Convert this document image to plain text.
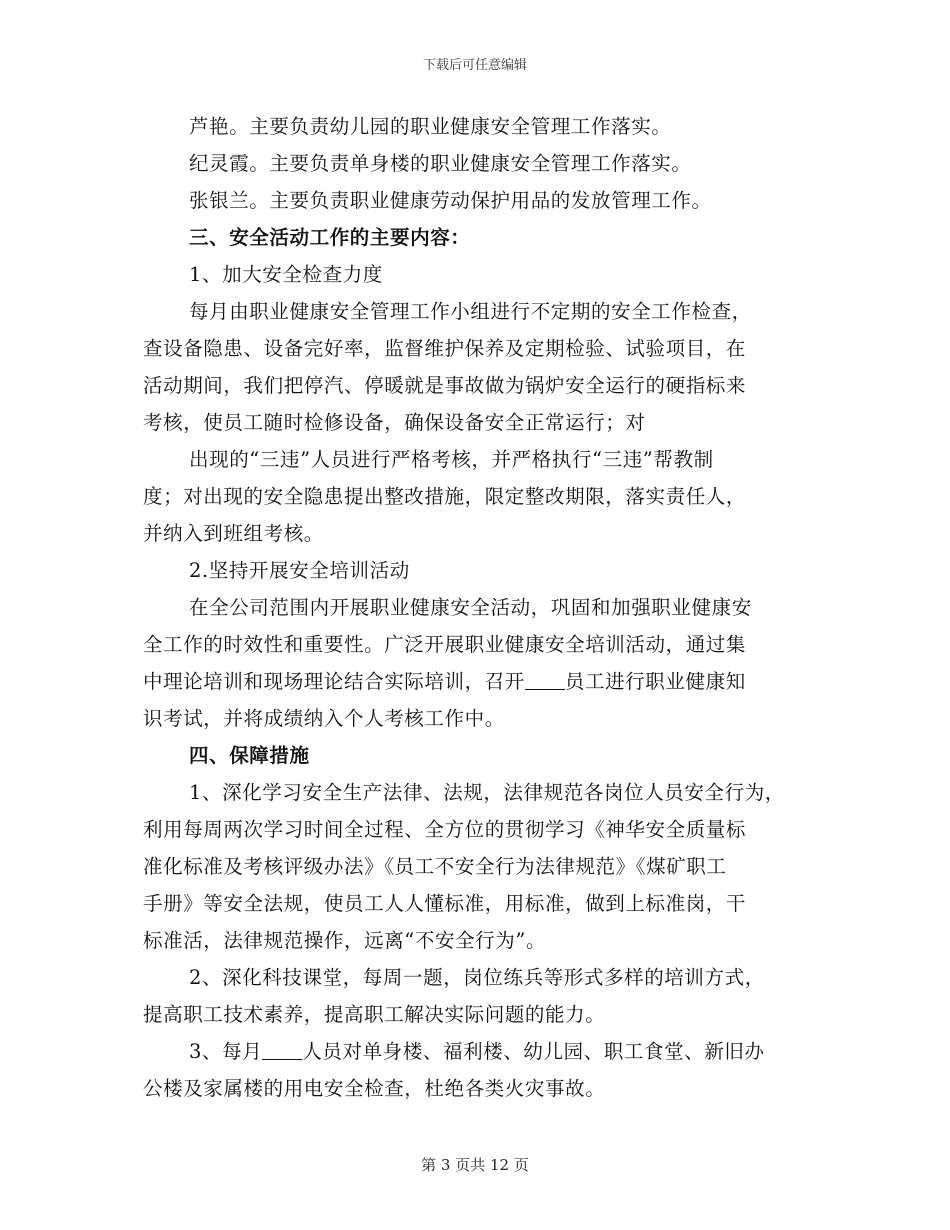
下载后可任意编辑
芦艳。主要负责幼儿园的职业健康安全管理工作落实。
纪灵霞。主要负责单身楼的职业健康安全管理工作落实。
张银兰。主要负责职业健康劳动保护用品的发放管理工作。
三、安全活动工作的主要内容：
1、加大安全检查力度
每月由职业健康安全管理工作小组进行不定期的安全工作检查，
查设备隐患、设备完好率，监督维护保养及定期检验、试验项目，在
活动期间，我们把停汽、停暖就是事故做为锅炉安全运行的硬指标来
考核，使员工随时检修设备，确保设备安全正常运行；对
出现的“三违”人员进行严格考核，并严格执行“三违”帮教制
度；对出现的安全隐患提出整改措施，限定整改期限，落实责任人，
并纳入到班组考核。
2.坚持开展安全培训活动
在全公司范围内开展职业健康安全活动，巩固和加强职业健康安
全工作的时效性和重要性。广泛开展职业健康安全培训活动，通过集
中理论培训和现场理论结合实际培训，召开 员工进行职业健康知
识考试，并将成绩纳入个人考核工作中。
四、保障措施
1、深化学习安全生产法律、法规，法律规范各岗位人员安全行为，
利用每周两次学习时间全过程、全方位的贯彻学习《神华安全质量标
准化标准及考核评级办法》《员工不安全行为法律规范》《煤矿职工
手册》等安全法规，使员工人人懂标准，用标准，做到上标准岗，干
标准活，法律规范操作，远离“不安全行为”。
2、深化科技课堂，每周一题，岗位练兵等形式多样的培训方式，
提高职工技术素养，提高职工解决实际问题的能力。
3、每月 人员对单身楼、福利楼、幼儿园、职工食堂、新旧办
公楼及家属楼的用电安全检查，杜绝各类火灾事故。
第 3 页共 12 页
